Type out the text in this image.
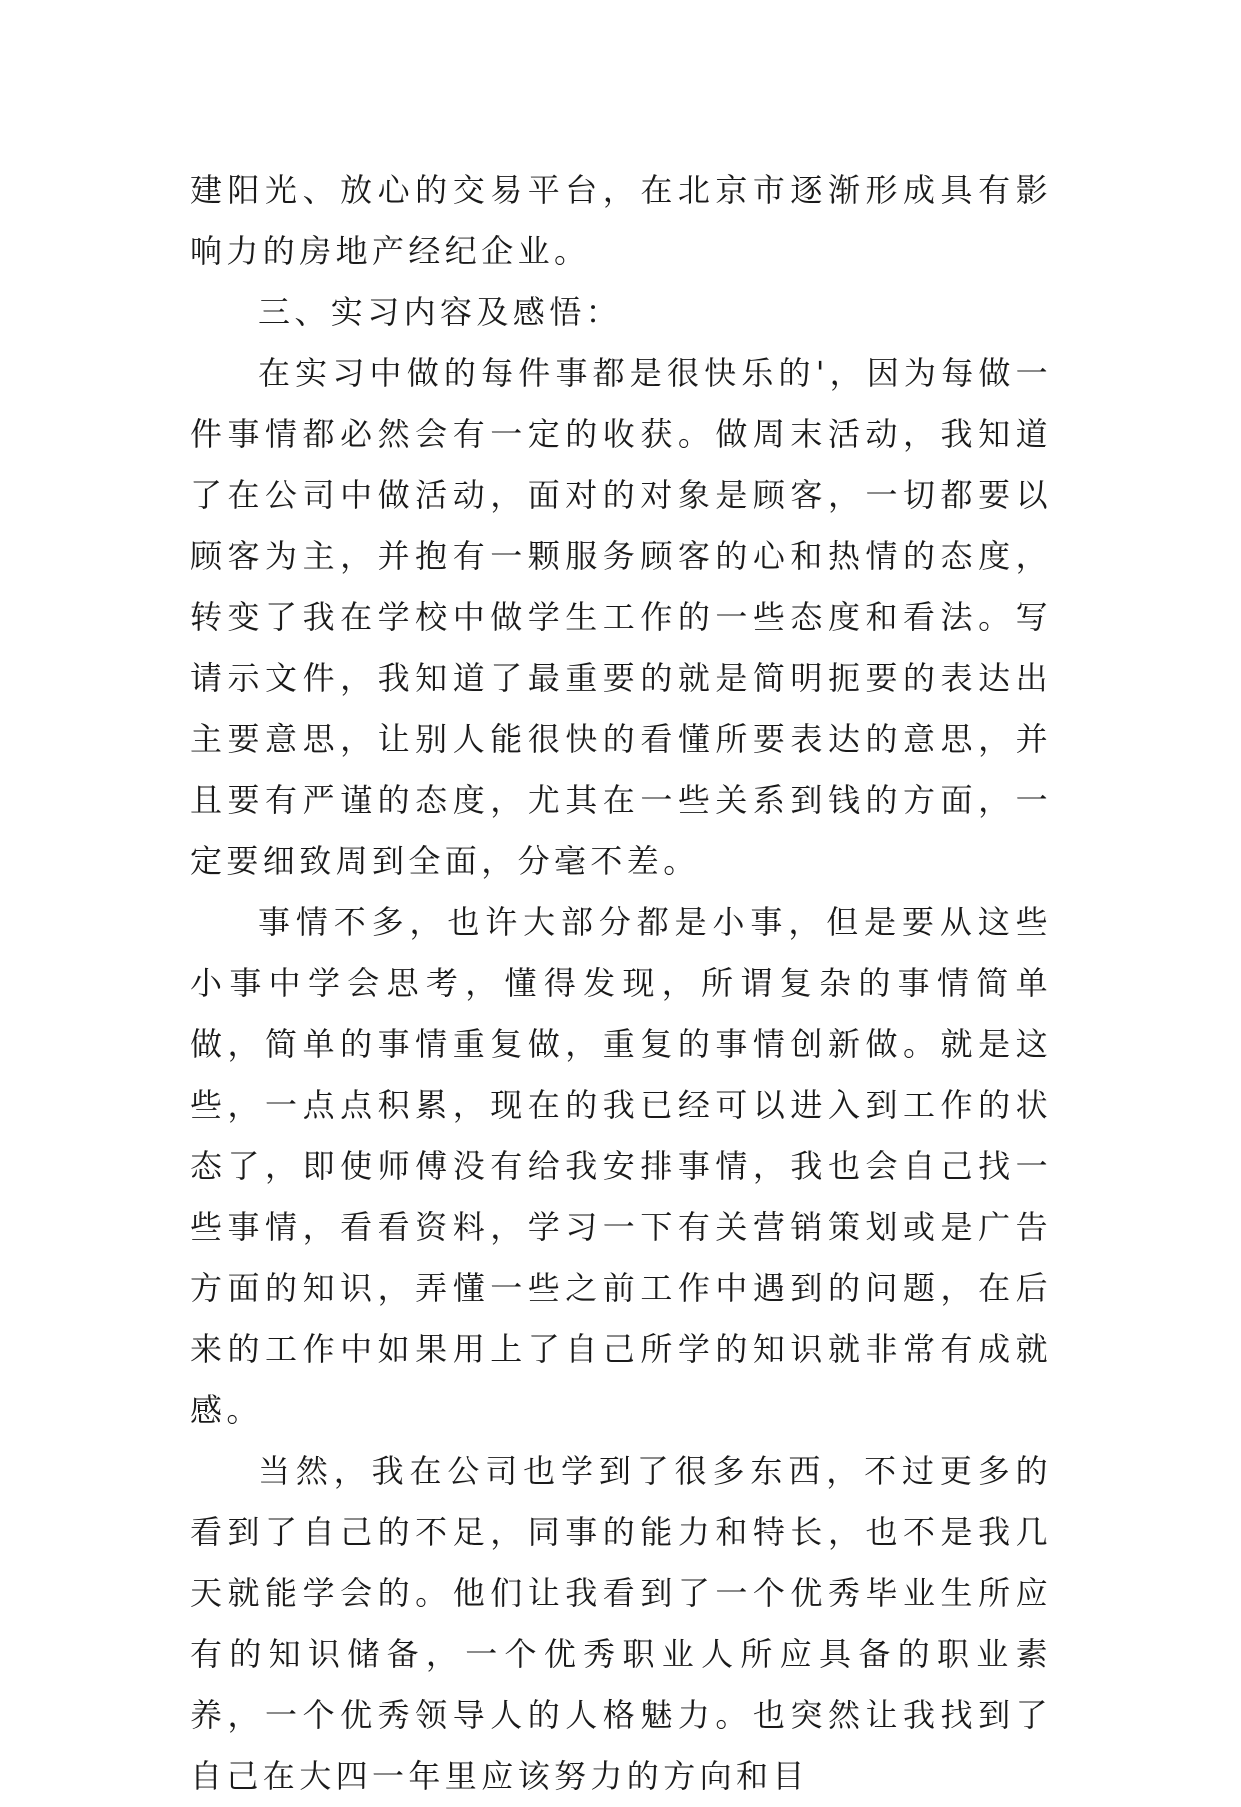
建阳光、放心的交易平台，在北京市逐渐形成具有影响力的房地产经纪企业。

三、实习内容及感悟：

在实习中做的每件事都是很快乐的'，因为每做一件事情都必然会有一定的收获。做周末活动，我知道了在公司中做活动，面对的对象是顾客，一切都要以顾客为主，并抱有一颗服务顾客的心和热情的态度，转变了我在学校中做学生工作的一些态度和看法。写请示文件，我知道了最重要的就是简明扼要的表达出主要意思，让别人能很快的看懂所要表达的意思，并且要有严谨的态度，尤其在一些关系到钱的方面，一定要细致周到全面，分毫不差。

事情不多，也许大部分都是小事，但是要从这些小事中学会思考，懂得发现，所谓复杂的事情简单做，简单的事情重复做，重复的事情创新做。就是这些，一点点积累，现在的我已经可以进入到工作的状态了，即使师傅没有给我安排事情，我也会自己找一些事情，看看资料，学习一下有关营销策划或是广告方面的知识，弄懂一些之前工作中遇到的问题，在后来的工作中如果用上了自己所学的知识就非常有成就感。

当然，我在公司也学到了很多东西，不过更多的看到了自己的不足，同事的能力和特长，也不是我几天就能学会的。他们让我看到了一个优秀毕业生所应有的知识储备，一个优秀职业人所应具备的职业素养，一个优秀领导人的人格魅力。也突然让我找到了自己在大四一年里应该努力的方向和目
